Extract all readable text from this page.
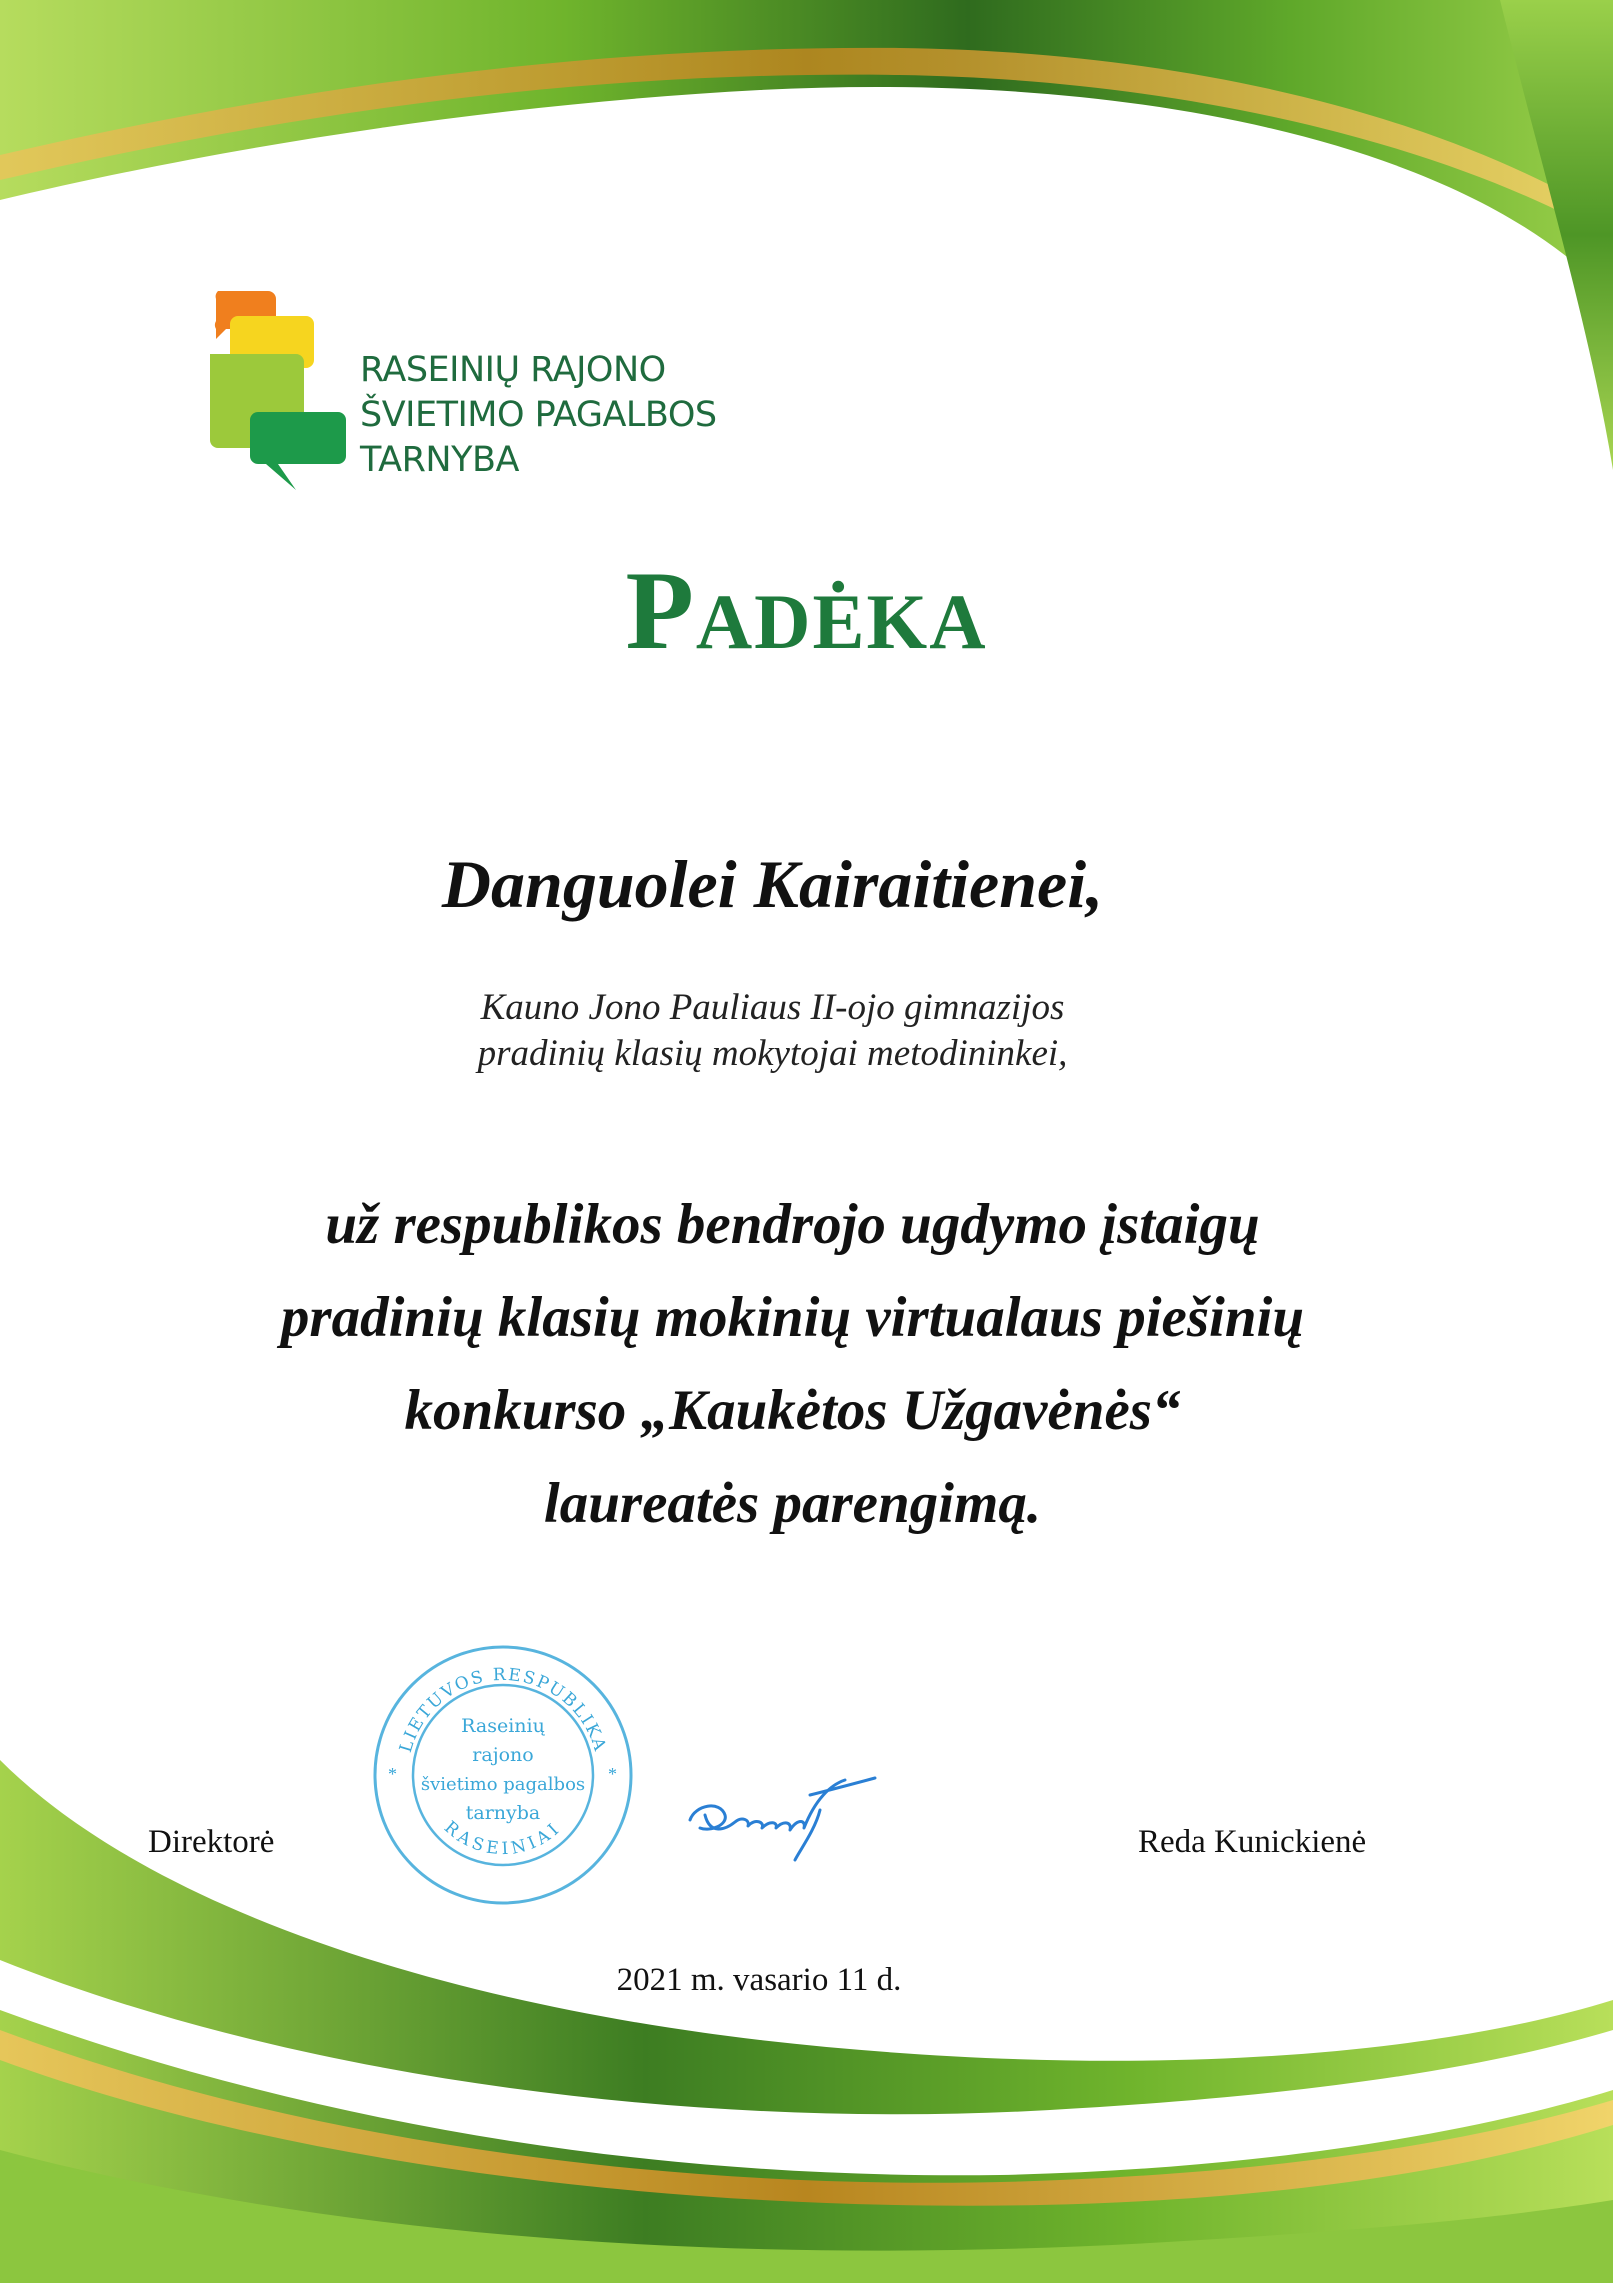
RASEINIŲ RAJONO
ŠVIETIMO PAGALBOS
TARNYBA
Padėka
Danguolei Kairaitienei,
Kauno Jono Pauliaus II-ojo gimnazijos
pradinių klasių mokytojai metodininkei,
už respublikos bendrojo ugdymo įstaigų
pradinių klasių mokinių virtualaus piešinių
konkurso „Kaukėtos Užgavėnės“
laureatės parengimą.
LIETUVOS RESPUBLIKA
RASEINIAI
*	*
Raseinių
rajono
švietimo pagalbos
tarnyba
Direktorė	Reda Kunickienė
2021 m. vasario 11 d.
